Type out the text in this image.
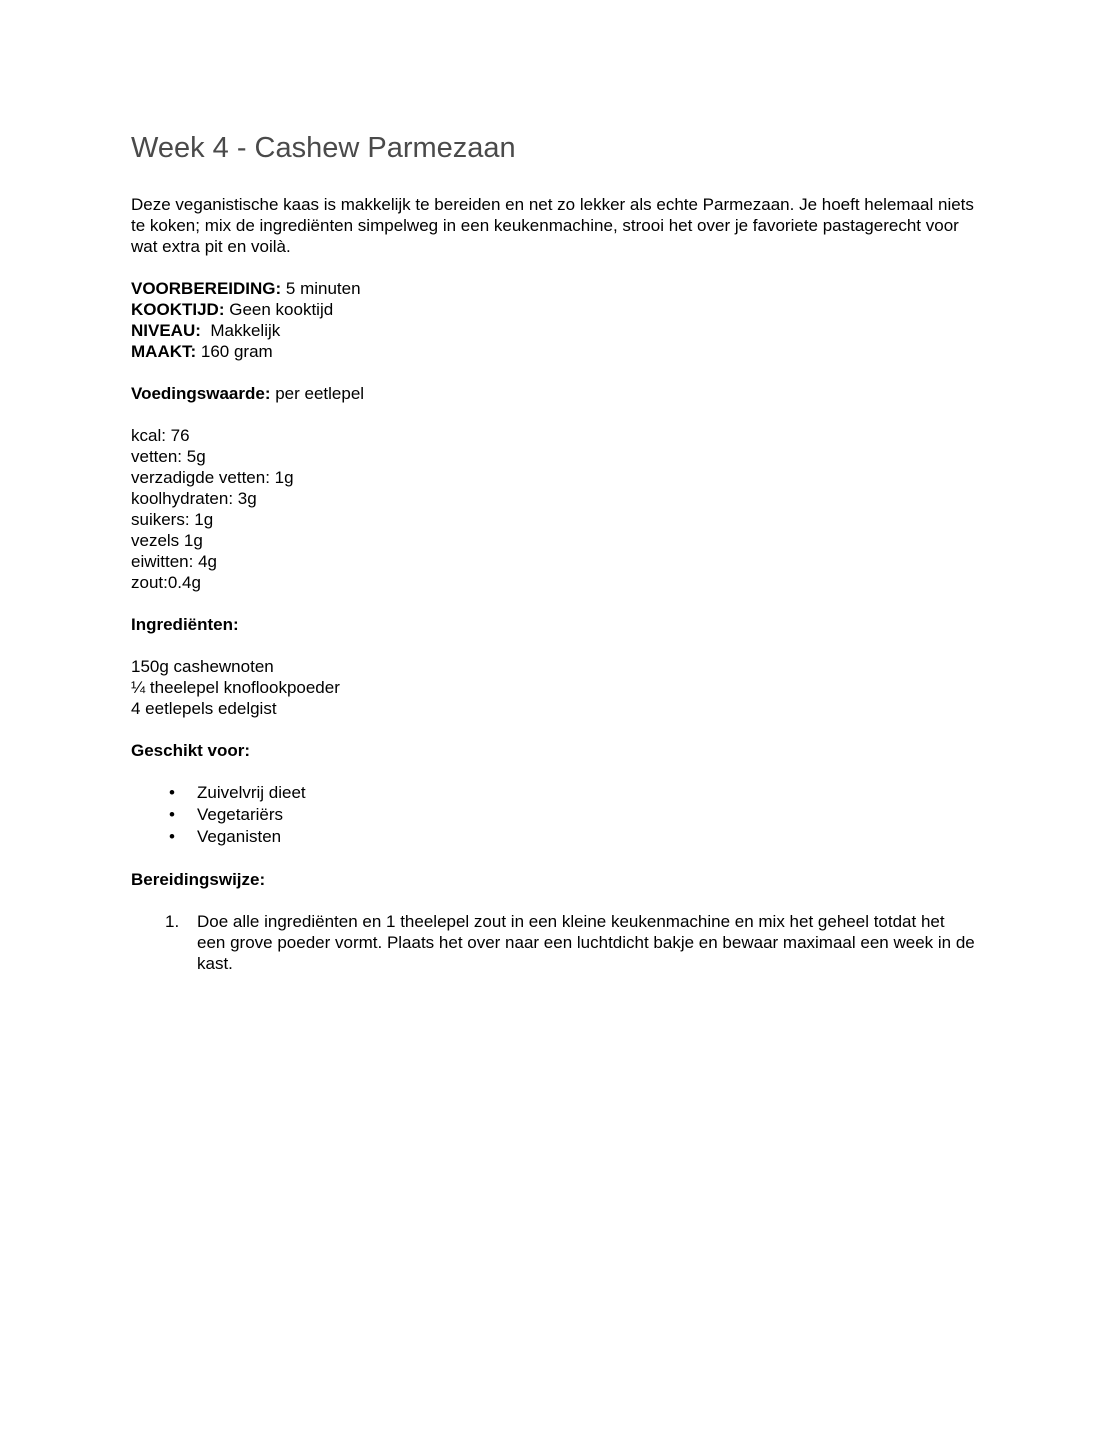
Week 4 - Cashew Parmezaan

Deze veganistische kaas is makkelijk te bereiden en net zo lekker als echte Parmezaan. Je hoeft helemaal niets te koken; mix de ingrediënten simpelweg in een keukenmachine, strooi het over je favoriete pastagerecht voor wat extra pit en voilà.

VOORBEREIDING: 5 minuten
KOOKTIJD: Geen kooktijd
NIVEAU:  Makkelijk
MAAKT: 160 gram
Voedingswaarde: per eetlepel
kcal: 76
vetten: 5g
verzadigde vetten: 1g
koolhydraten: 3g
suikers: 1g
vezels 1g
eiwitten: 4g
zout:0.4g
Ingrediënten:
150g cashewnoten
¼ theelepel knoflookpoeder
4 eetlepels edelgist
Geschikt voor:
• Zuivelvrij dieet
• Vegetariërs
• Veganisten
Bereidingswijze:
1. Doe alle ingrediënten en 1 theelepel zout in een kleine keukenmachine en mix het geheel totdat het een grove poeder vormt. Plaats het over naar een luchtdicht bakje en bewaar maximaal een week in de kast.
